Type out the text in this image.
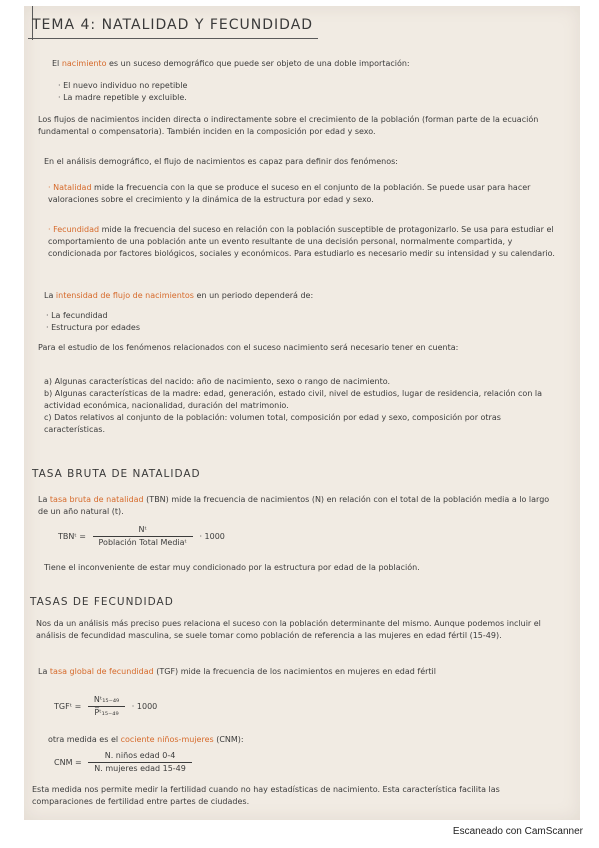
TEMA 4: NATALIDAD Y FECUNDIDAD
El nacimiento es un suceso demográfico que puede ser objeto de una doble importación:
· El nuevo individuo no repetible
· La madre repetible y excluible.
Los flujos de nacimientos inciden directa o indirectamente sobre el crecimiento de la población (forman parte de la ecuación fundamental o compensatoria). También inciden en la composición por edad y sexo.
En el análisis demográfico, el flujo de nacimientos es capaz para definir dos fenómenos:
· Natalidad mide la frecuencia con la que se produce el suceso en el conjunto de la población. Se puede usar para hacer valoraciones sobre el crecimiento y la dinámica de la estructura por edad y sexo.
· Fecundidad mide la frecuencia del suceso en relación con la población susceptible de protagonizarlo. Se usa para estudiar el comportamiento de una población ante un evento resultante de una decisión personal, normalmente compartida, y condicionada por factores biológicos, sociales y económicos. Para estudiarlo es necesario medir su intensidad y su calendario.
La intensidad de flujo de nacimientos en un periodo dependerá de:
· La fecundidad
· Estructura por edades
Para el estudio de los fenómenos relacionados con el suceso nacimiento será necesario tener en cuenta:
a) Algunas características del nacido: año de nacimiento, sexo o rango de nacimiento.
b) Algunas características de la madre: edad, generación, estado civil, nivel de estudios, lugar de residencia, relación con la actividad económica, nacionalidad, duración del matrimonio.
c) Datos relativos al conjunto de la población: volumen total, composición por edad y sexo, composición por otras características.
TASA BRUTA DE NATALIDAD
La tasa bruta de natalidad (TBN) mide la frecuencia de nacimientos (N) en relación con el total de la población media a lo largo de un año natural (t).
TBNᵗ = $\frac{\text{Nᵗ}}{\text{Población Total Mediaᵗ}} \cdot 1000$
Tiene el inconveniente de estar muy condicionado por la estructura por edad de la población.
TASAS DE FECUNDIDAD
Nos da un análisis más preciso pues relaciona el suceso con la población determinante del mismo. Aunque podemos incluir el análisis de fecundidad masculina, se suele tomar como población de referencia a las mujeres en edad fértil (15-49).
La tasa global de fecundidad (TGF) mide la frecuencia de los nacimientos en mujeres en edad fértil
TGFᵗ = $\frac{\text{Nᵗ₁₅₋₄₉}}{\text{P̅ᵗ₁₅₋₄₉}} \cdot 1000$
otra medida es el cociente niños-mujeres (CNM):
CNM = $\frac{\text{N. niños edad 0-4}}{\text{N. mujeres edad 15-49}}$
Esta medida nos permite medir la fertilidad cuando no hay estadísticas de nacimiento. Esta característica facilita las comparaciones de fertilidad entre partes de ciudades.
Escaneado con CamScanner
